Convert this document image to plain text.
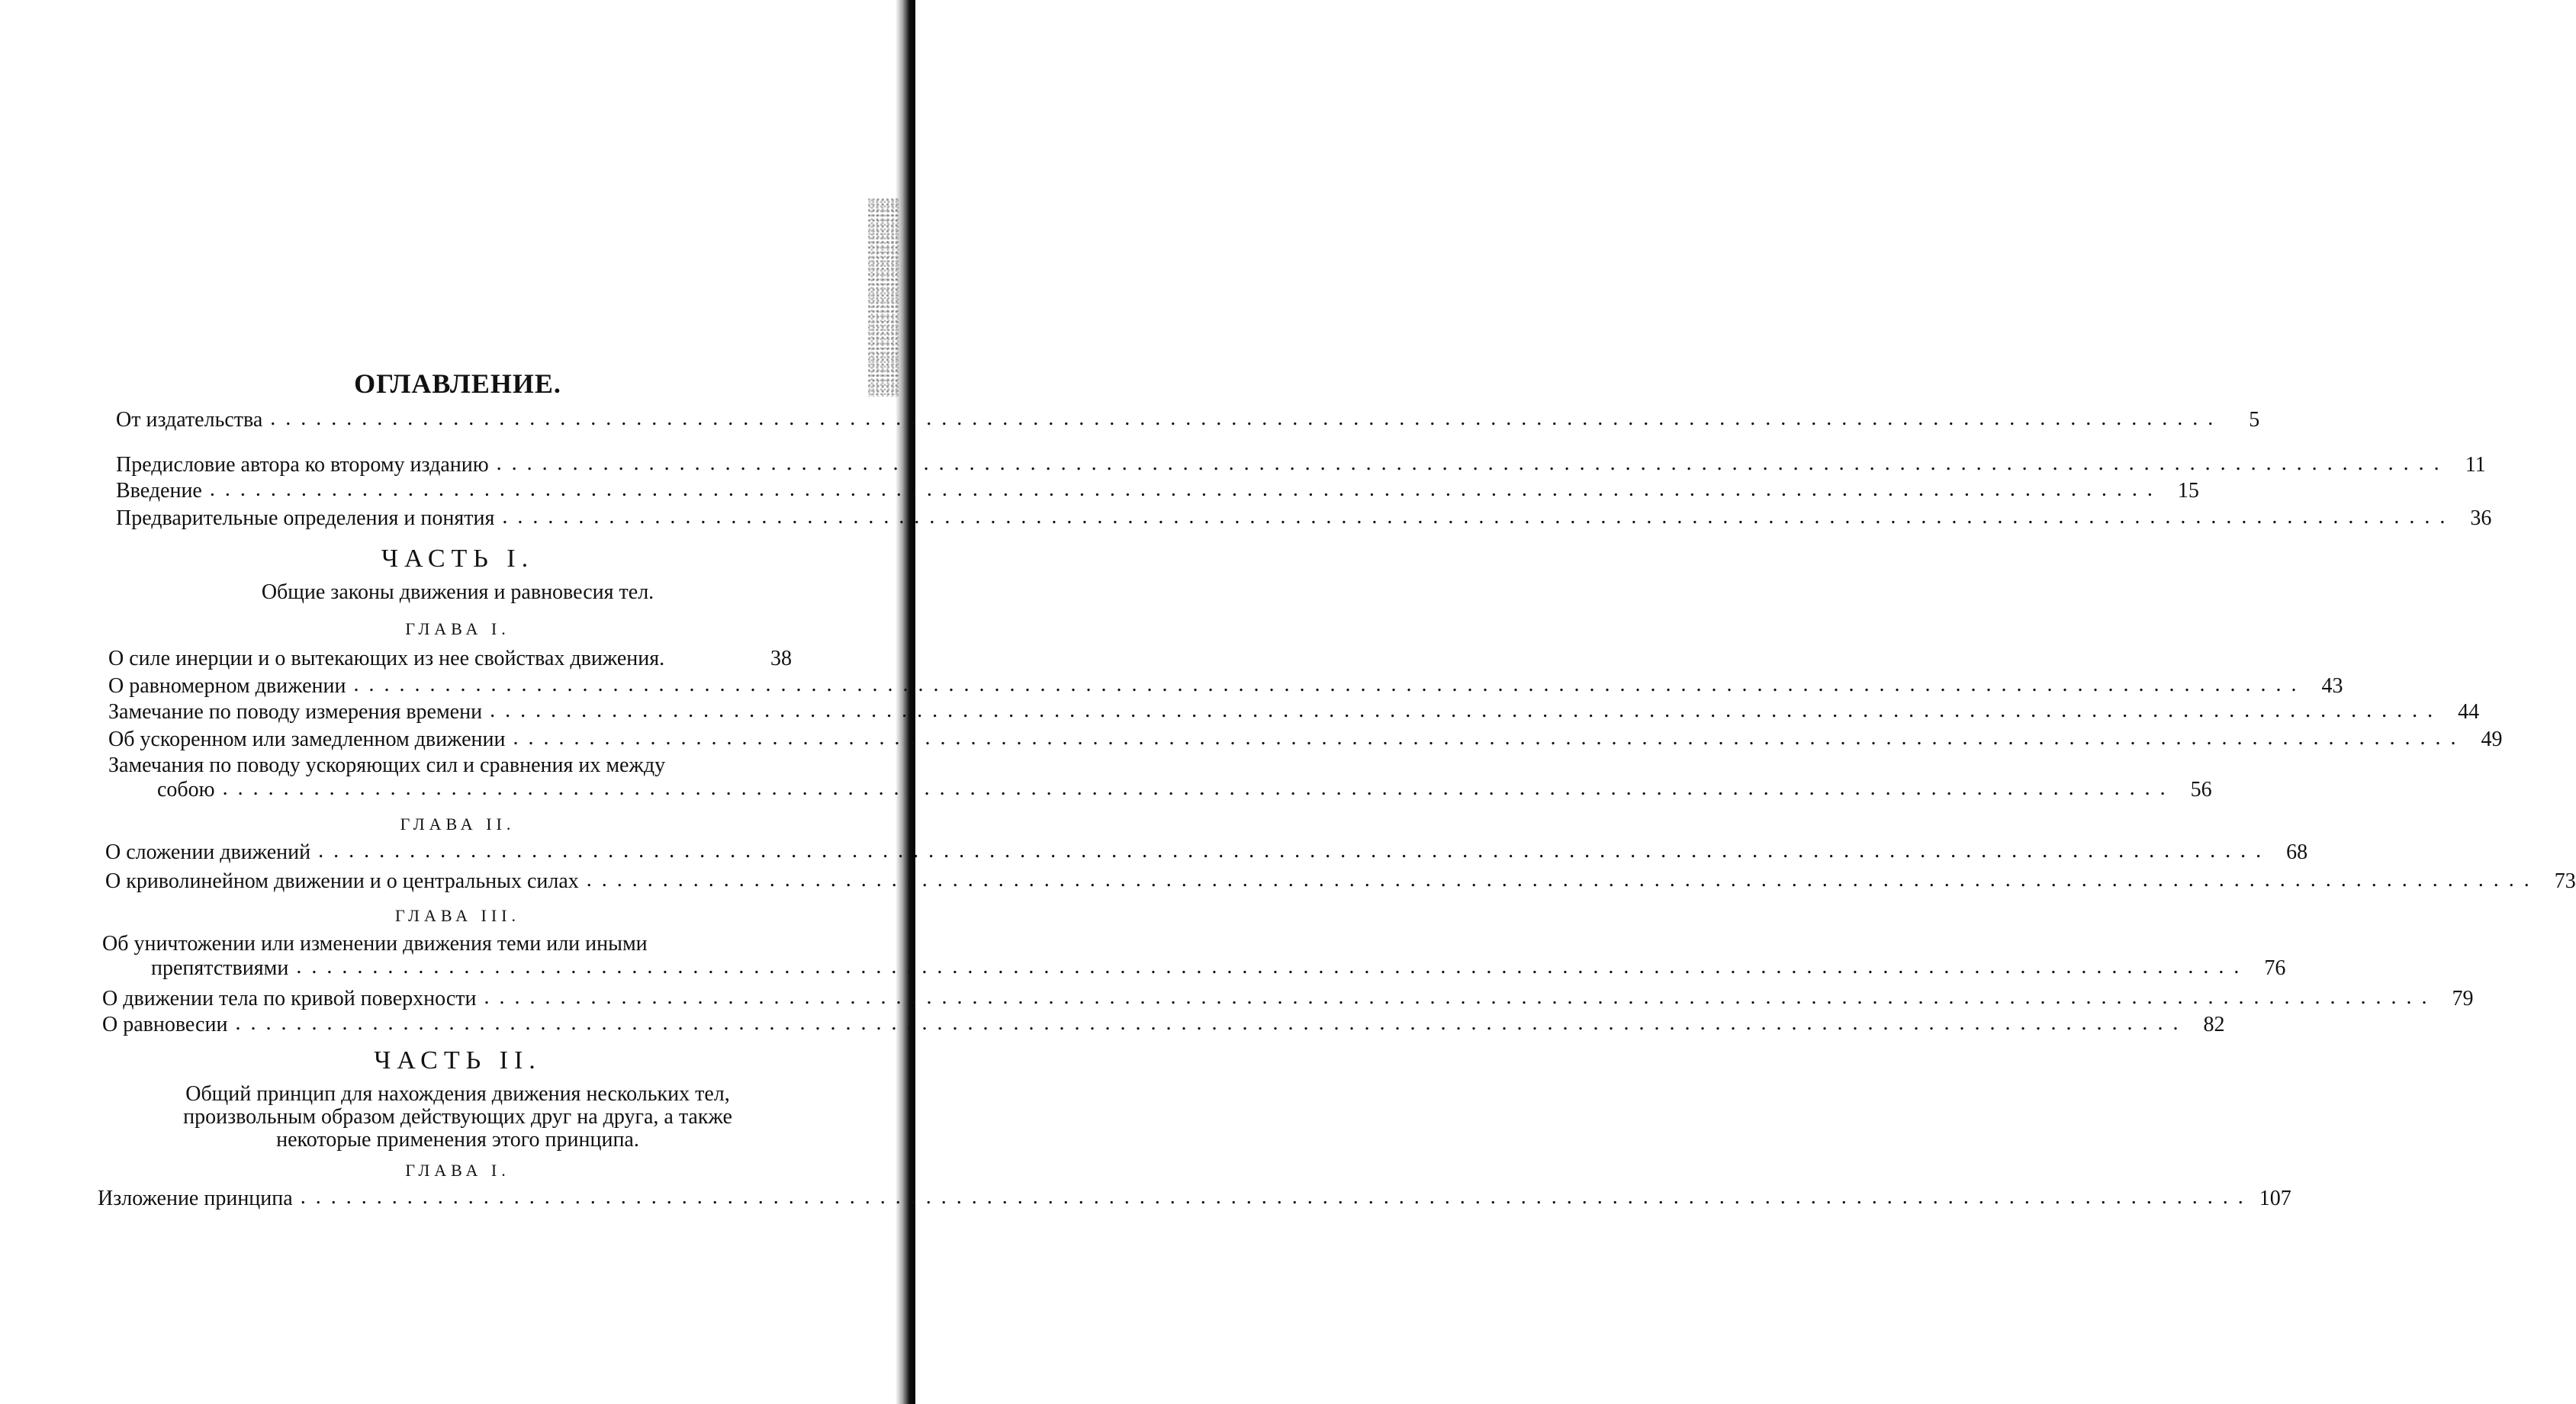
ОГЛАВЛЕНИЕ.
От издательства ................................................................................................................................	5
Предисловие автора ко второму изданию ................................................................................................................................ 11
Введение ................................................................................................................................ 15
Предварительные определения и понятия ................................................................................................................................ 36
ЧАСТЬ I.
Общие законы движения и равновесия тел.
ГЛАВА I.
О силе инерции и о вытекающих из нее свойствах движения.	38
О равномерном движении ................................................................................................................................ 43
Замечание по поводу измерения времени ................................................................................................................................ 44
Об ускоренном или замедленном движении ................................................................................................................................ 49
Замечания по поводу ускоряющих сил и сравнения их между
собою ................................................................................................................................ 56
ГЛАВА II.
О сложении движений ................................................................................................................................ 68
О криволинейном движении и о центральных силах ................................................................................................................................ 73
ГЛАВА III.
Об уничтожении или изменении движения теми или иными
препятствиями ................................................................................................................................ 76
О движении тела по кривой поверхности ................................................................................................................................ 79
О равновесии ................................................................................................................................ 82
ЧАСТЬ II.
Общий принцип для нахождения движения нескольких тел,
произвольным образом действующих друг на друга, а также
некоторые применения этого принципа.
ГЛАВА I.
Изложение принципа ................................................................................................................................ 107
